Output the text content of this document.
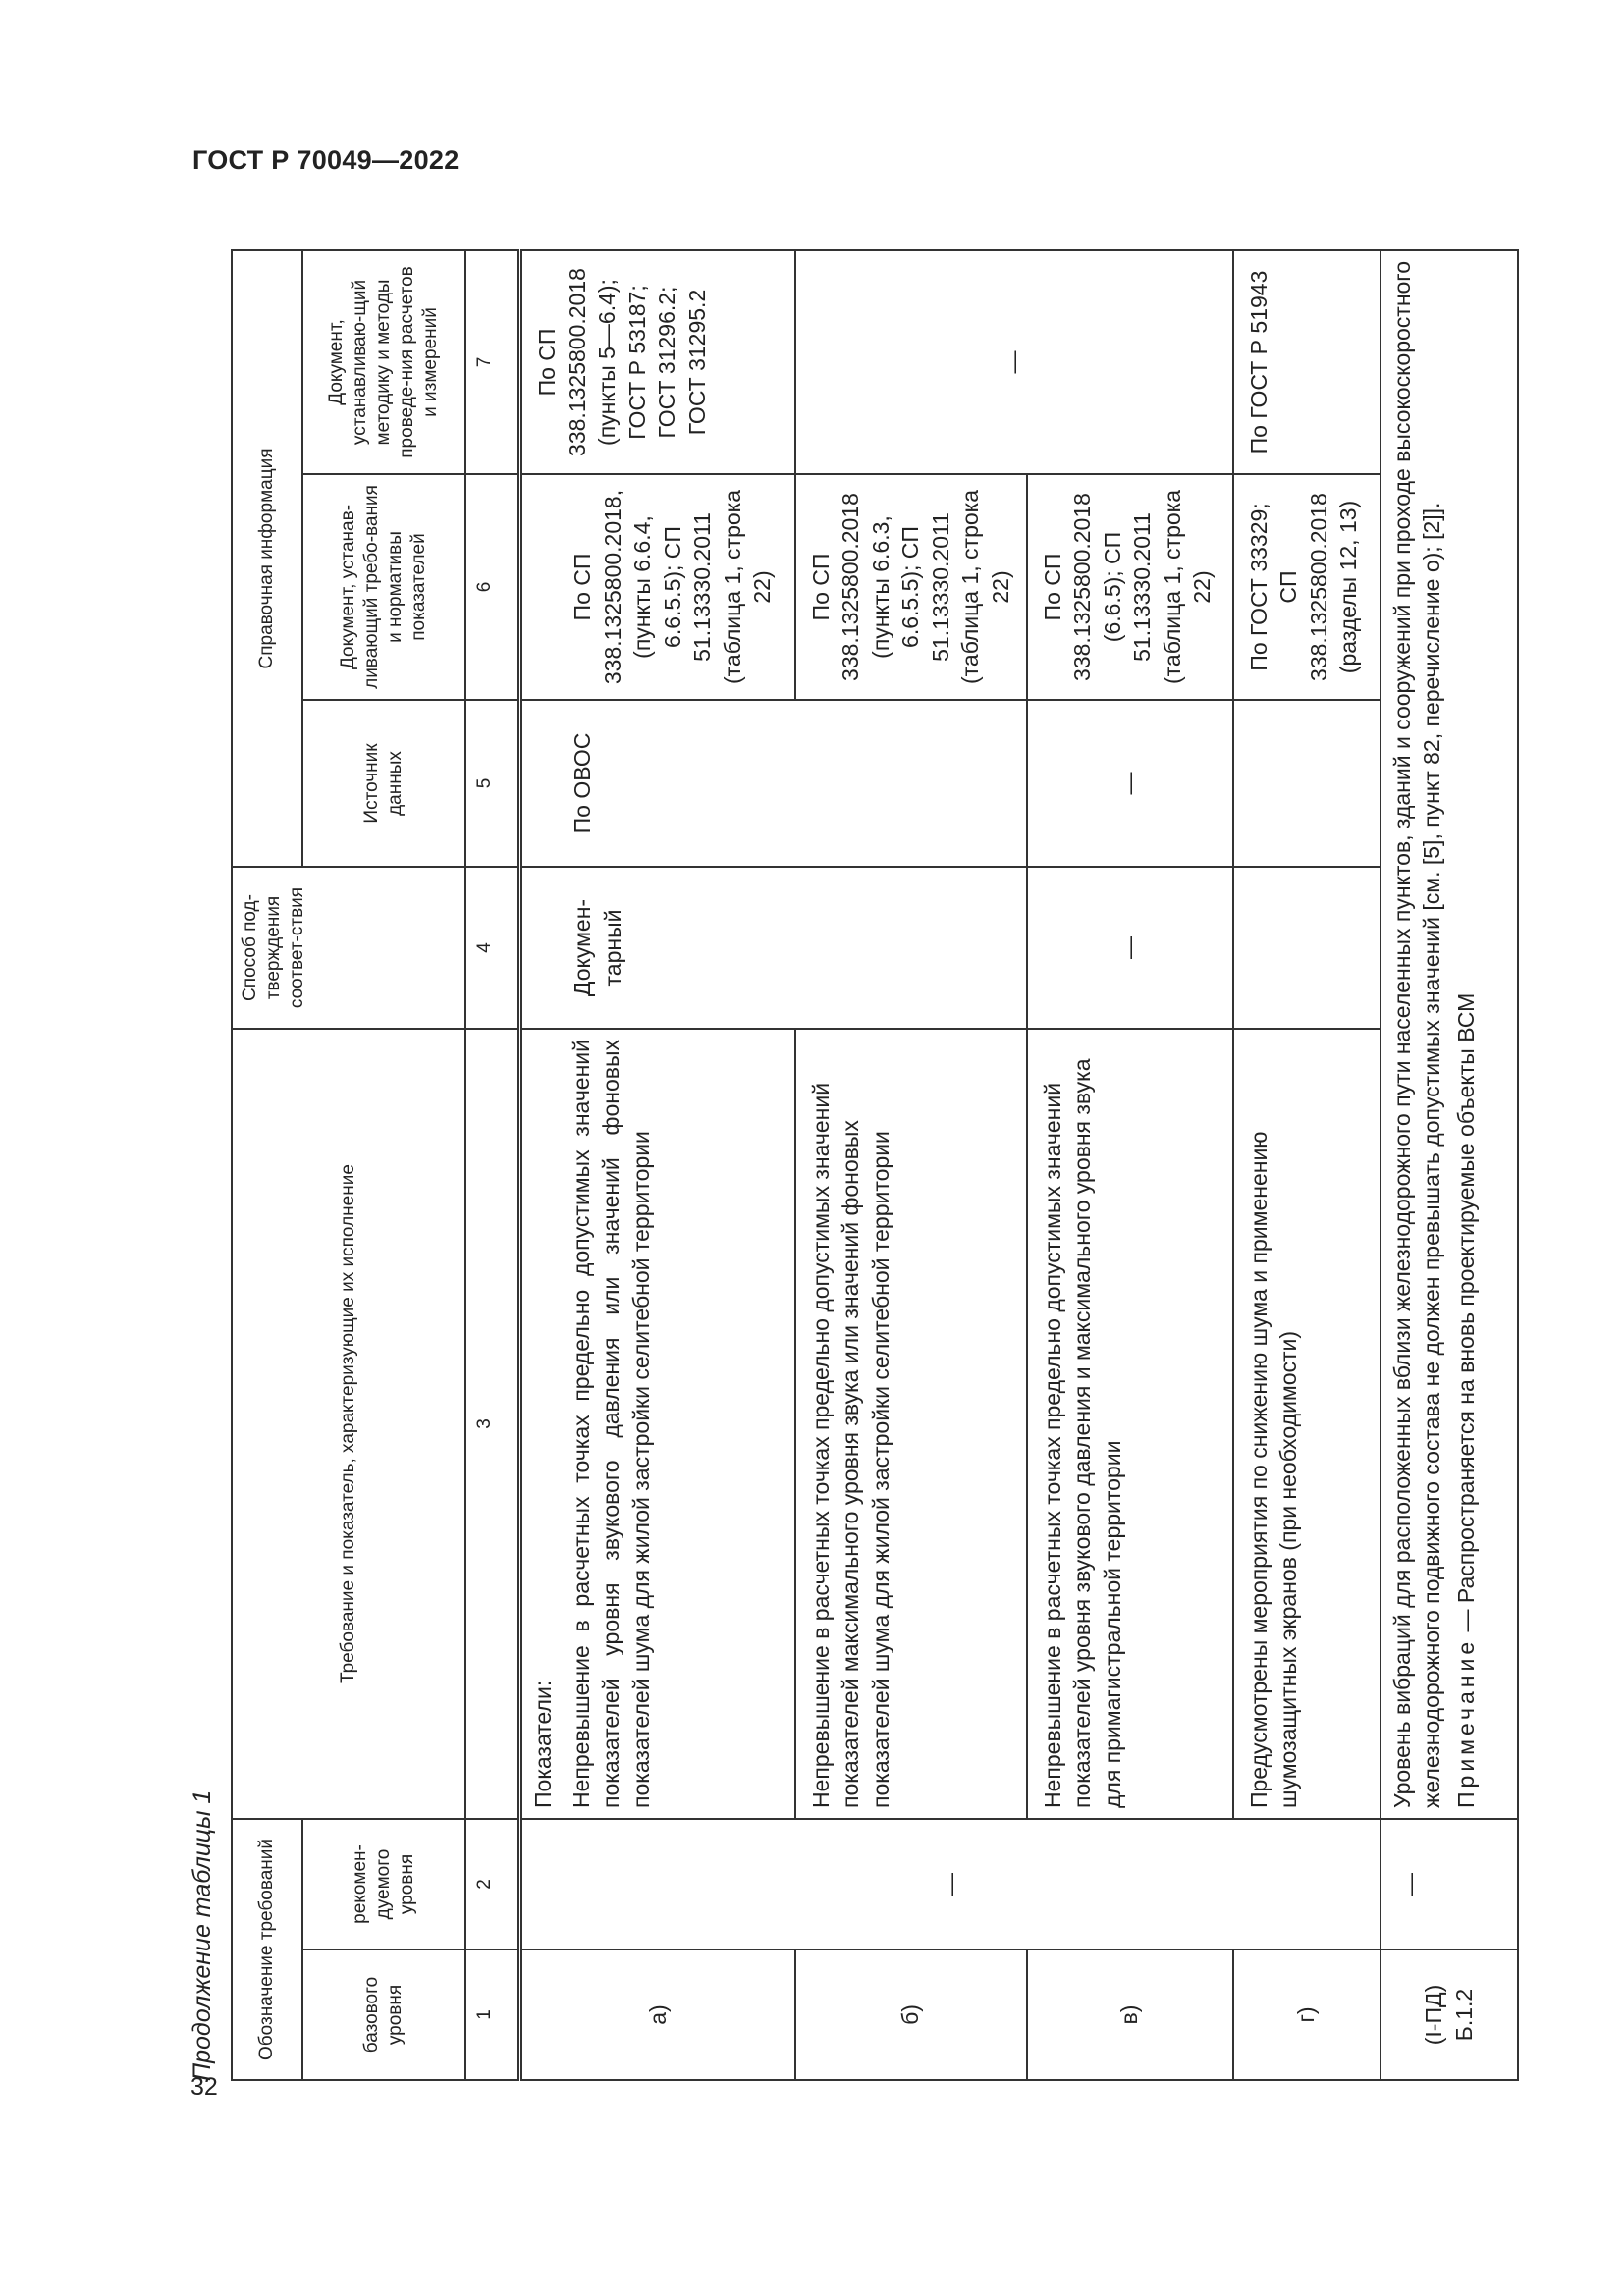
ГОСТ Р 70049—2022
32
Продолжение таблицы 1	Обозначение требований		Требование и показатель, характеризующие их исполнение	Способ под-тверждения соответ-ствия	Справочная информация		
базового уровня	рекомен-дуемого уровня			Источник данных	Документ, устанав-ливающий требо-вания и нормативы показателей	Документ, устанавливаю-щий методику и методы проведе-ния расчетов и измерений
1	2	3	4	5	6	7
а)	—	Показатели: Непревышение в расчетных точках предельно допустимых значений показателей уровня звукового давления или значений фоновых показателей шума для жилой застройки селитебной территории	Докумен-тарный	По ОВОС	По СП 338.1325800.2018, (пункты 6.6.4, 6.6.5.5); СП 51.13330.2011 (таблица 1, строка 22)	По СП 338.1325800.2018 (пункты 5—6.4); ГОСТ Р 53187; ГОСТ 31296.2; ГОСТ 31295.2
б)		Непревышение в расчетных точках предельно допустимых значений показателей максимального уровня звука или значений фоновых показателей шума для жилой застройки селитебной территории			По СП 338.1325800.2018 (пункты 6.6.3, 6.6.5.5); СП 51.13330.2011 (таблица 1, строка 22)	—
в)		Непревышение в расчетных точках предельно допустимых значений показателей уровня звукового давления и максимального уровня звука для примагистральной территории	—	—	По СП 338.1325800.2018 (6.6.5); СП 51.13330.2011 (таблица 1, строка 22)	
г)		Предусмотрены мероприятия по снижению шума и применению шумозащитных экранов (при необходимости)			По ГОСТ 33329; СП 338.1325800.2018 (разделы 12, 13)	По ГОСТ Р 51943
(I-ПД) Б.1.2	—	Уровень вибраций для расположенных вблизи железнодорожного пути населенных пунктов, зданий и сооружений при проходе высокоскоростного железнодорожного подвижного состава не должен превышать допустимых значений [см. [5], пункт 82, перечисление о); [2]]. Примечание — Распространяется на вновь проектируемые объекты ВСМ				
